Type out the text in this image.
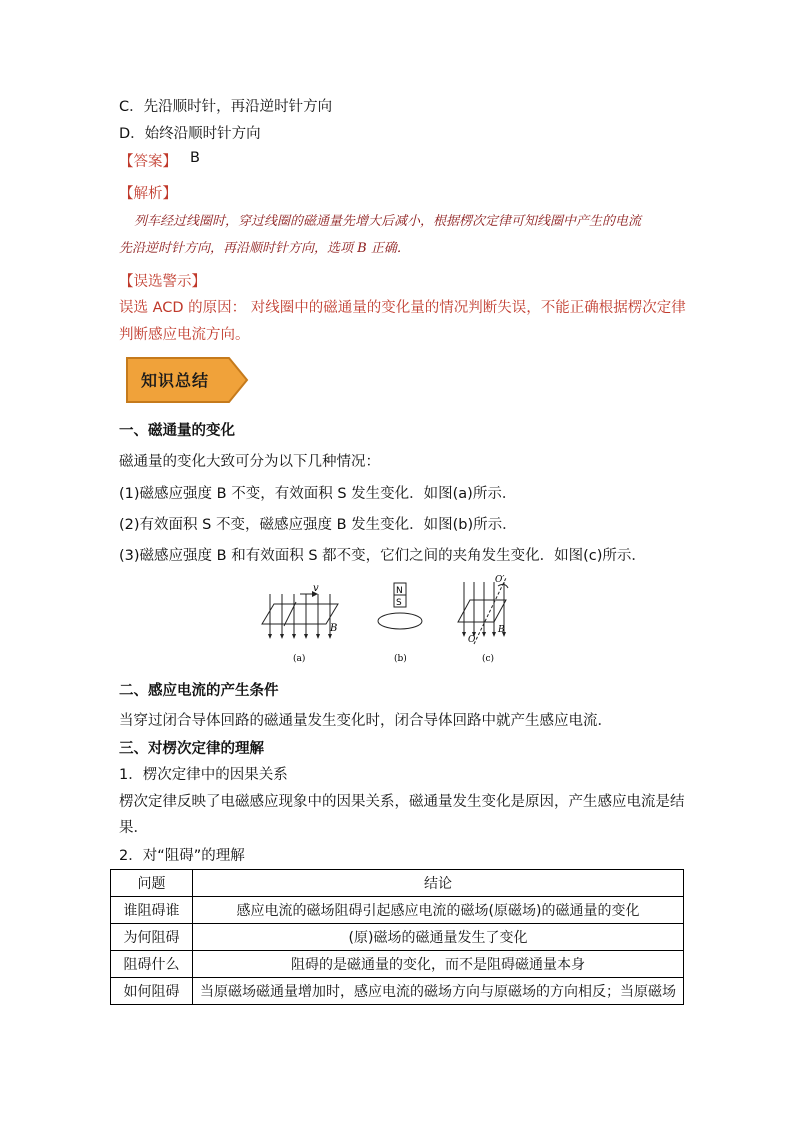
C．先沿顺时针，再沿逆时针方向
D．始终沿顺时针方向
【答案】 B
【解析】
列车经过线圈时，穿过线圈的磁通量先增大后减小，根据楞次定律可知线圈中产生的电流
先沿逆时针方向，再沿顺时针方向，选项 B 正确．
【误选警示】
误选 ACD 的原因： 对线圈中的磁通量的变化量的情况判断失误，不能正确根据楞次定律
判断感应电流方向。
知识总结
一、磁通量的变化
磁通量的变化大致可分为以下几种情况：
(1)磁感应强度 B 不变，有效面积 S 发生变化．如图(a)所示．
(2)有效面积 S 不变，磁感应强度 B 发生变化．如图(b)所示．
(3)磁感应强度 B 和有效面积 S 都不变，它们之间的夹角发生变化．如图(c)所示．
v
B
(a)
N
S
(b)
O′
O
B
(c)
二、感应电流的产生条件
当穿过闭合导体回路的磁通量发生变化时，闭合导体回路中就产生感应电流．
三、对楞次定律的理解
1．楞次定律中的因果关系
楞次定律反映了电磁感应现象中的因果关系，磁通量发生变化是原因，产生感应电流是结
果．
2．对“阻碍”的理解
问题	结论
谁阻碍谁	感应电流的磁场阻碍引起感应电流的磁场(原磁场)的磁通量的变化
为何阻碍	(原)磁场的磁通量发生了变化
阻碍什么	阻碍的是磁通量的变化，而不是阻碍磁通量本身
如何阻碍	当原磁场磁通量增加时，感应电流的磁场方向与原磁场的方向相反；当原磁场
